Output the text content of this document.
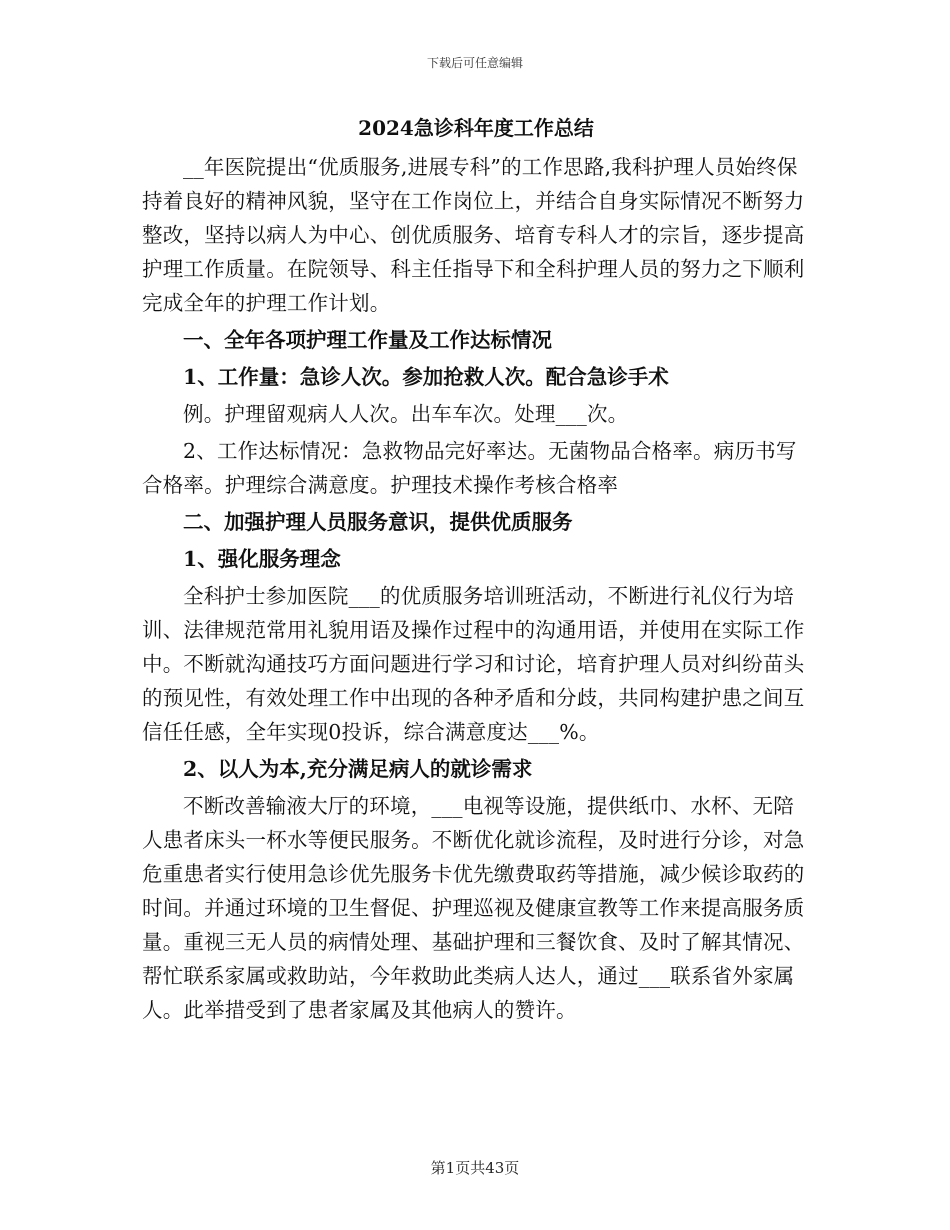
下载后可任意编辑
2024急诊科年度工作总结
__年医院提出“优质服务,进展专科”的工作思路,我科护理人员始终保持着良好的精神风貌，坚守在工作岗位上，并结合自身实际情况不断努力整改，坚持以病人为中心、创优质服务、培育专科人才的宗旨，逐步提高护理工作质量。在院领导、科主任指导下和全科护理人员的努力之下顺利完成全年的护理工作计划。
一、全年各项护理工作量及工作达标情况
1、工作量：急诊人次。参加抢救人次。配合急诊手术
例。护理留观病人人次。出车车次。处理___次。
2、工作达标情况：急救物品完好率达。无菌物品合格率。病历书写合格率。护理综合满意度。护理技术操作考核合格率
二、加强护理人员服务意识，提供优质服务
1、强化服务理念
全科护士参加医院___的优质服务培训班活动，不断进行礼仪行为培训、法律规范常用礼貌用语及操作过程中的沟通用语，并使用在实际工作中。不断就沟通技巧方面问题进行学习和讨论，培育护理人员对纠纷苗头的预见性，有效处理工作中出现的各种矛盾和分歧，共同构建护患之间互信任任感，全年实现0投诉，综合满意度达___%。
2、以人为本,充分满足病人的就诊需求
不断改善输液大厅的环境，___电视等设施，提供纸巾、水杯、无陪人患者床头一杯水等便民服务。不断优化就诊流程，及时进行分诊，对急危重患者实行使用急诊优先服务卡优先缴费取药等措施，减少候诊取药的时间。并通过环境的卫生督促、护理巡视及健康宣教等工作来提高服务质量。重视三无人员的病情处理、基础护理和三餐饮食、及时了解其情况、帮忙联系家属或救助站，今年救助此类病人达人，通过___联系省外家属人。此举措受到了患者家属及其他病人的赞许。
第1页共43页
